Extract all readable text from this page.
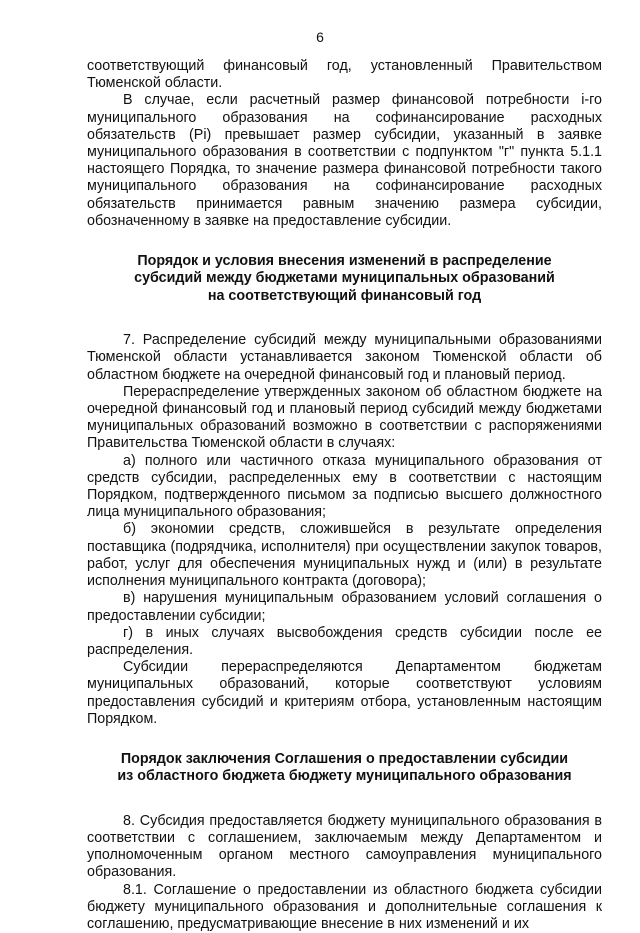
6

соответствующий финансовый год, установленный Правительством Тюменской области.

В случае, если расчетный размер финансовой потребности i-го муниципального образования на софинансирование расходных обязательств (Pi) превышает размер субсидии, указанный в заявке муниципального образования в соответствии с подпунктом "г" пункта 5.1.1 настоящего Порядка, то значение размера финансовой потребности такого муниципального образования на софинансирование расходных обязательств принимается равным значению размера субсидии, обозначенному в заявке на предоставление субсидии.

Порядок и условия внесения изменений в распределение
субсидий между бюджетами муниципальных образований
на соответствующий финансовый год

7. Распределение субсидий между муниципальными образованиями Тюменской области устанавливается законом Тюменской области об областном бюджете на очередной финансовый год и плановый период.

Перераспределение утвержденных законом об областном бюджете на очередной финансовый год и плановый период субсидий между бюджетами муниципальных образований возможно в соответствии с распоряжениями Правительства Тюменской области в случаях:

а) полного или частичного отказа муниципального образования от средств субсидии, распределенных ему в соответствии с настоящим Порядком, подтвержденного письмом за подписью высшего должностного лица муниципального образования;

б) экономии средств, сложившейся в результате определения поставщика (подрядчика, исполнителя) при осуществлении закупок товаров, работ, услуг для обеспечения муниципальных нужд и (или) в результате исполнения муниципального контракта (договора);

в) нарушения муниципальным образованием условий соглашения о предоставлении субсидии;

г) в иных случаях высвобождения средств субсидии после ее распределения.

Субсидии перераспределяются Департаментом бюджетам муниципальных образований, которые соответствуют условиям предоставления субсидий и критериям отбора, установленным настоящим Порядком.

Порядок заключения Соглашения о предоставлении субсидии
из областного бюджета бюджету муниципального образования

8. Субсидия предоставляется бюджету муниципального образования в соответствии с соглашением, заключаемым между Департаментом и уполномоченным органом местного самоуправления муниципального образования.

8.1. Соглашение о предоставлении из областного бюджета субсидии бюджету муниципального образования и дополнительные соглашения к соглашению, предусматривающие внесение в них изменений и их
